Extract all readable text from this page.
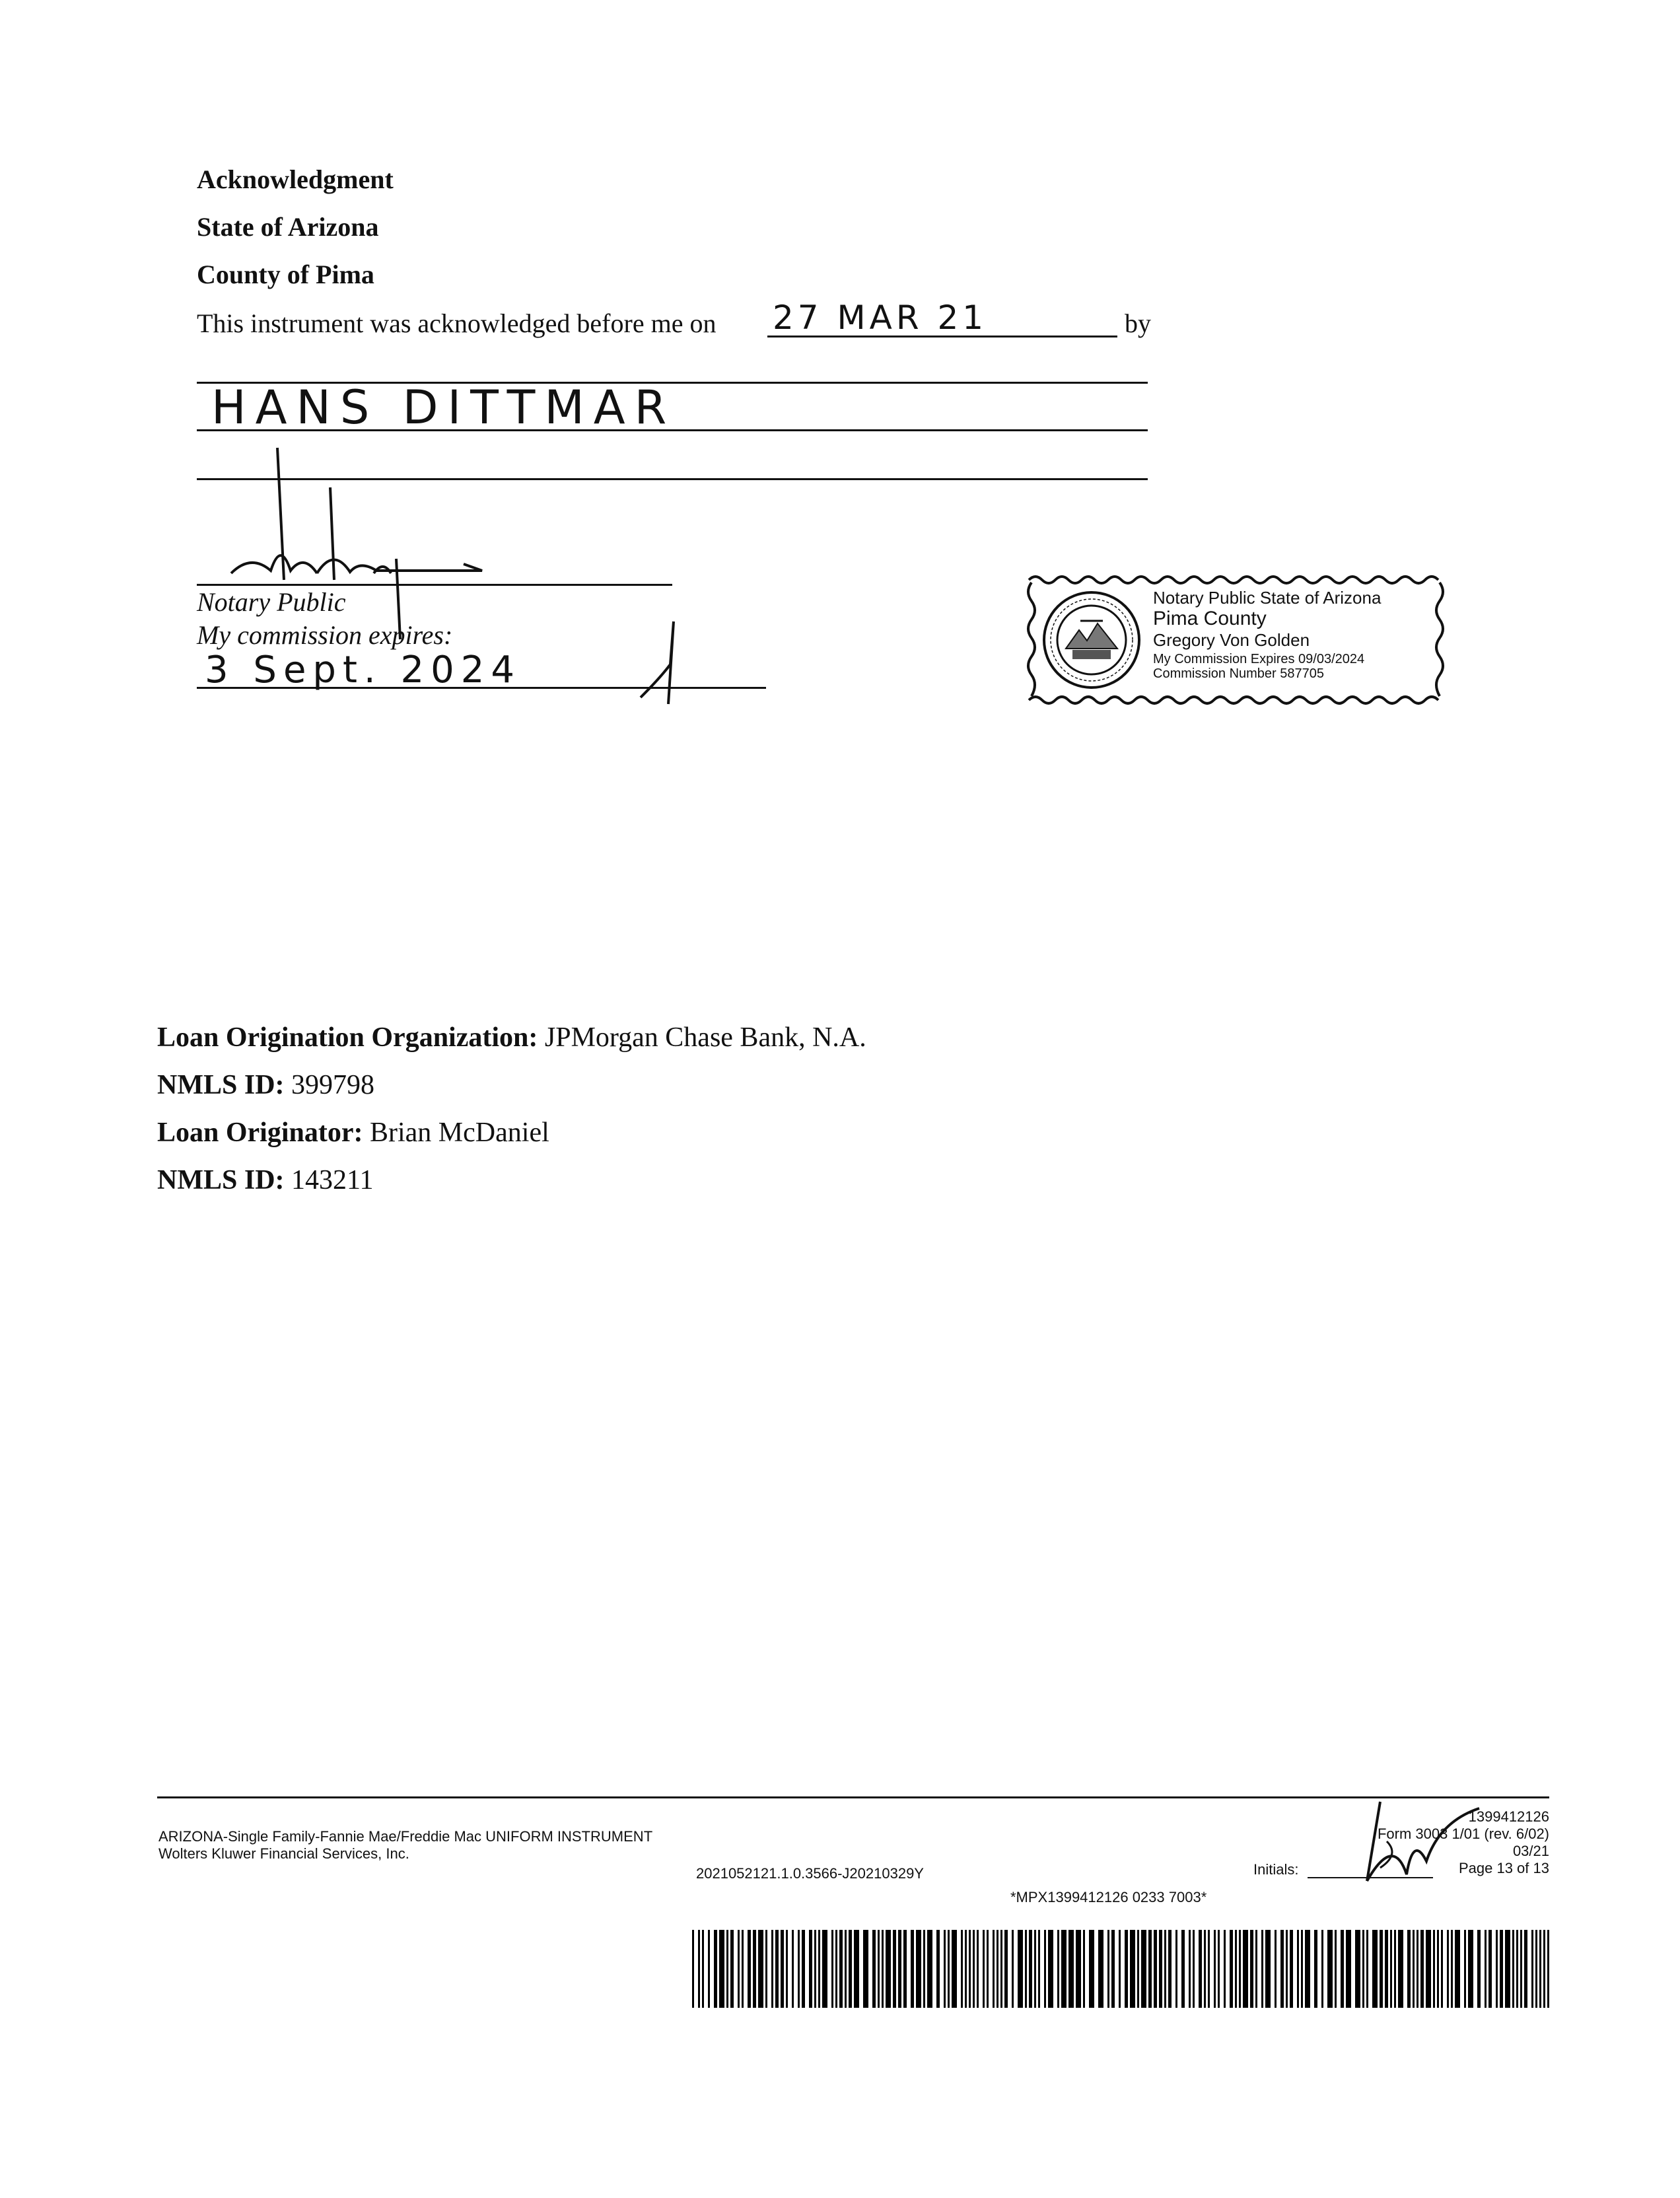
Acknowledgment
State of Arizona
County of Pima
This instrument was acknowledged before me on 27 MAR 21	by
HANS DITTMAR
Notary Public
My commission expires:
3 Sept. 2024
Notary Public State of Arizona
Pima County
Gregory Von Golden
My Commission Expires 09/03/2024
Commission Number 587705
Loan Origination Organization: JPMorgan Chase Bank, N.A.
NMLS ID: 399798
Loan Originator: Brian McDaniel
NMLS ID: 143211
ARIZONA-Single Family-Fannie Mae/Freddie Mac UNIFORM INSTRUMENT
Wolters Kluwer Financial Services, Inc.
2021052121.1.0.3566-J20210329Y
1399412126
Form 3003 1/01 (rev. 6/02)
03/21
Page 13 of 13
Initials:
*MPX1399412126 0233 7003*
